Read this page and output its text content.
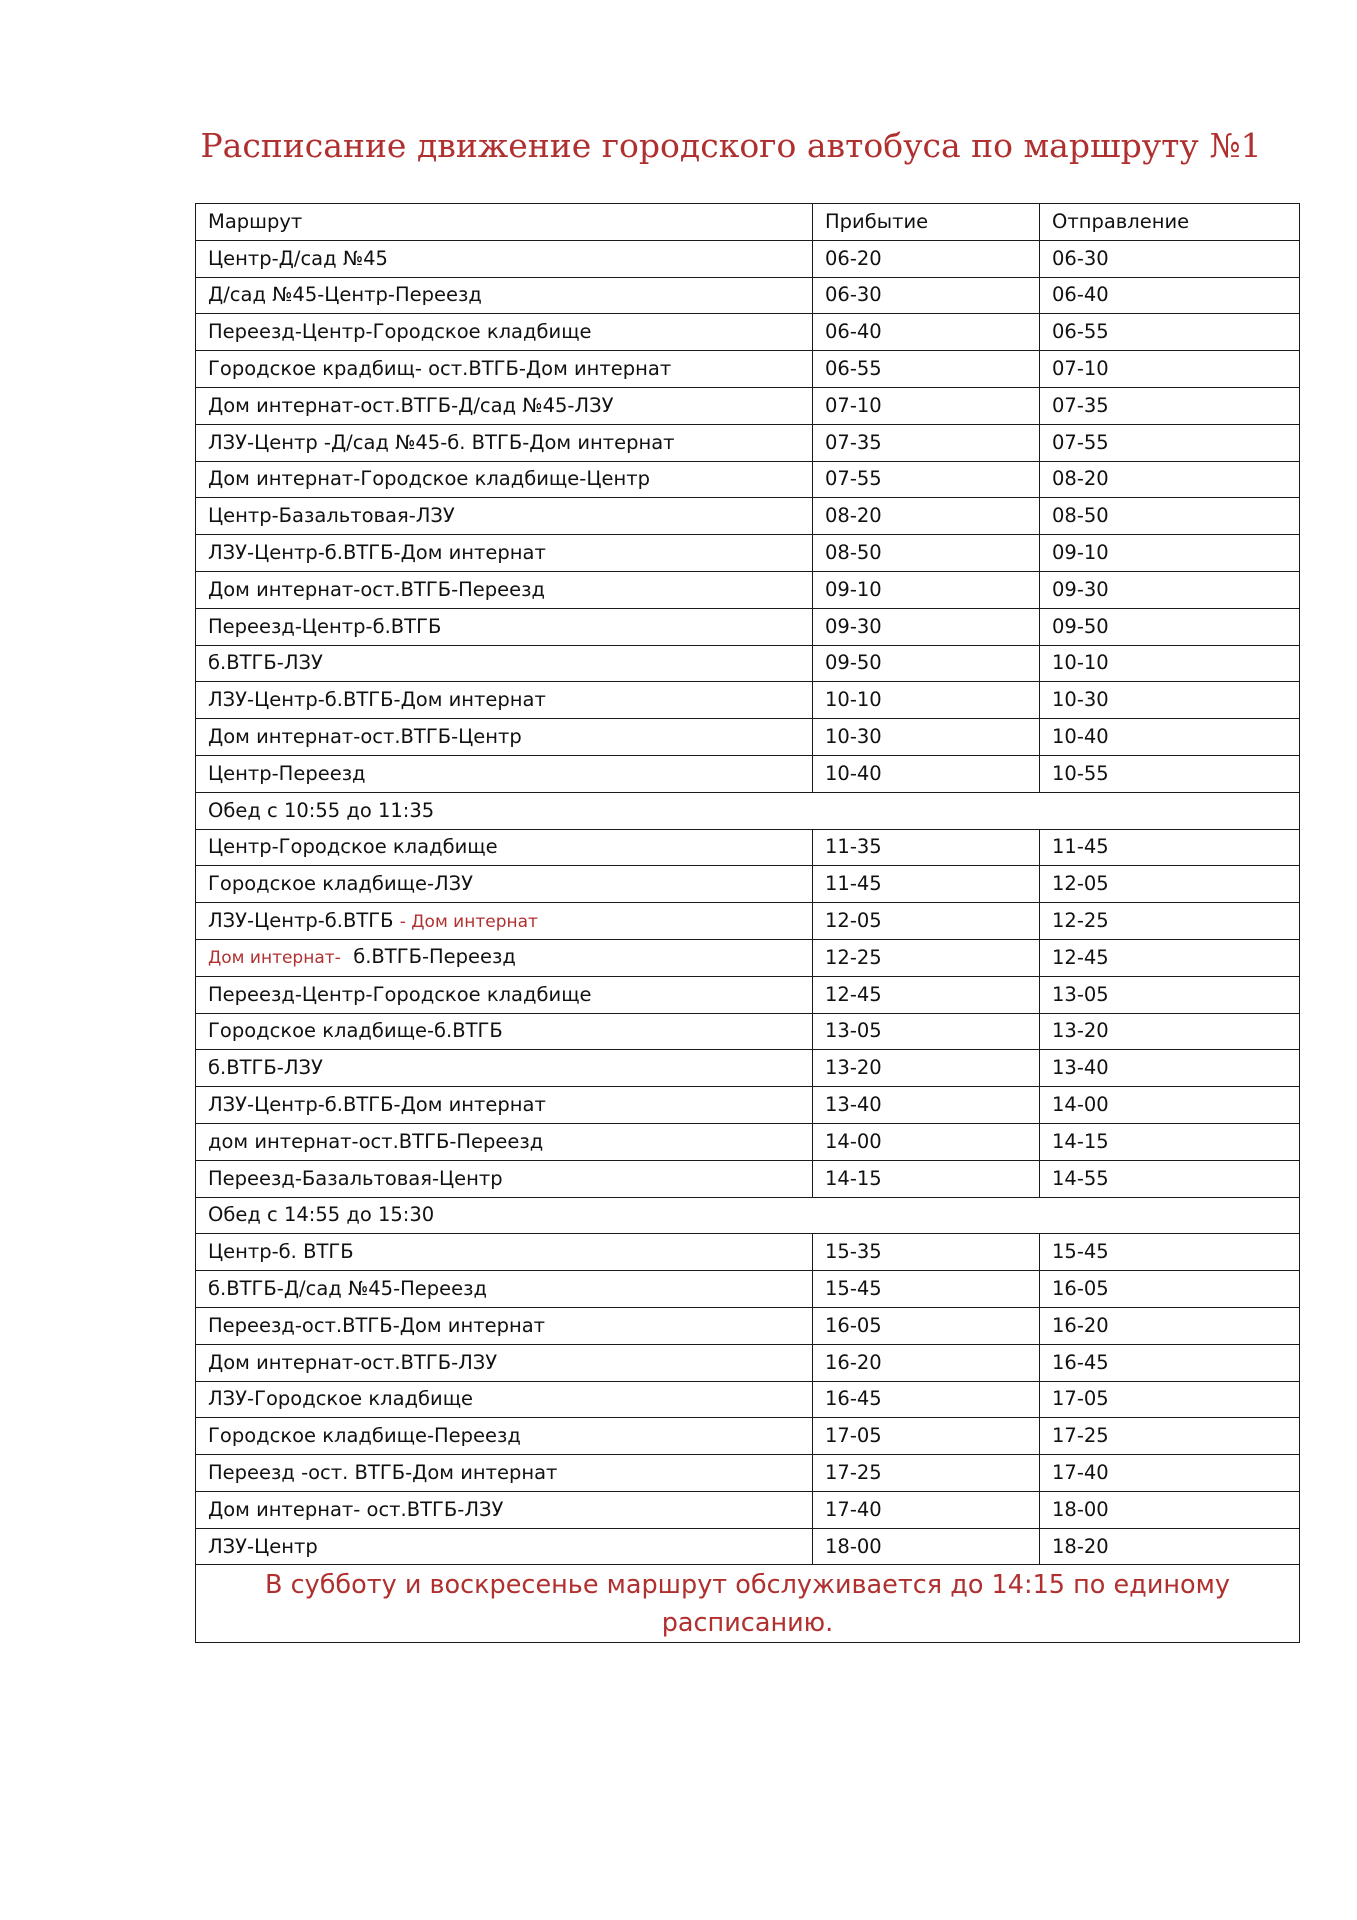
Расписание движение городского автобуса по маршруту №1
Маршрут	Прибытие	Отправление
Центр-Д/сад №45	06-20	06-30
Д/сад №45-Центр-Переезд	06-30	06-40
Переезд-Центр-Городское кладбище	06-40	06-55
Городское крадбищ- ост.ВТГБ-Дом интернат	06-55	07-10
Дом интернат-ост.ВТГБ-Д/сад №45-ЛЗУ	07-10	07-35
ЛЗУ-Центр -Д/сад №45-б. ВТГБ-Дом интернат	07-35	07-55
Дом интернат-Городское кладбище-Центр	07-55	08-20
Центр-Базальтовая-ЛЗУ	08-20	08-50
ЛЗУ-Центр-б.ВТГБ-Дом интернат	08-50	09-10
Дом интернат-ост.ВТГБ-Переезд	09-10	09-30
Переезд-Центр-б.ВТГБ	09-30	09-50
б.ВТГБ-ЛЗУ	09-50	10-10
ЛЗУ-Центр-б.ВТГБ-Дом интернат	10-10	10-30
Дом интернат-ост.ВТГБ-Центр	10-30	10-40
Центр-Переезд	10-40	10-55
Обед с 10:55 до 11:35		
Центр-Городское кладбище	11-35	11-45
Городское кладбище-ЛЗУ	11-45	12-05
ЛЗУ-Центр-б.ВТГБ - Дом интернат	12-05	12-25
Дом интернат- б.ВТГБ-Переезд	12-25	12-45
Переезд-Центр-Городское кладбище	12-45	13-05
Городское кладбище-б.ВТГБ	13-05	13-20
б.ВТГБ-ЛЗУ	13-20	13-40
ЛЗУ-Центр-б.ВТГБ-Дом интернат	13-40	14-00
дом интернат-ост.ВТГБ-Переезд	14-00	14-15
Переезд-Базальтовая-Центр	14-15	14-55
Обед с 14:55 до 15:30		
Центр-б. ВТГБ	15-35	15-45
б.ВТГБ-Д/сад №45-Переезд	15-45	16-05
Переезд-ост.ВТГБ-Дом интернат	16-05	16-20
Дом интернат-ост.ВТГБ-ЛЗУ	16-20	16-45
ЛЗУ-Городское кладбище	16-45	17-05
Городское кладбище-Переезд	17-05	17-25
Переезд -ост. ВТГБ-Дом интернат	17-25	17-40
Дом интернат- ост.ВТГБ-ЛЗУ	17-40	18-00
ЛЗУ-Центр	18-00	18-20
В субботу и воскресенье маршрут обслуживается до 14:15 по единому расписанию.		
